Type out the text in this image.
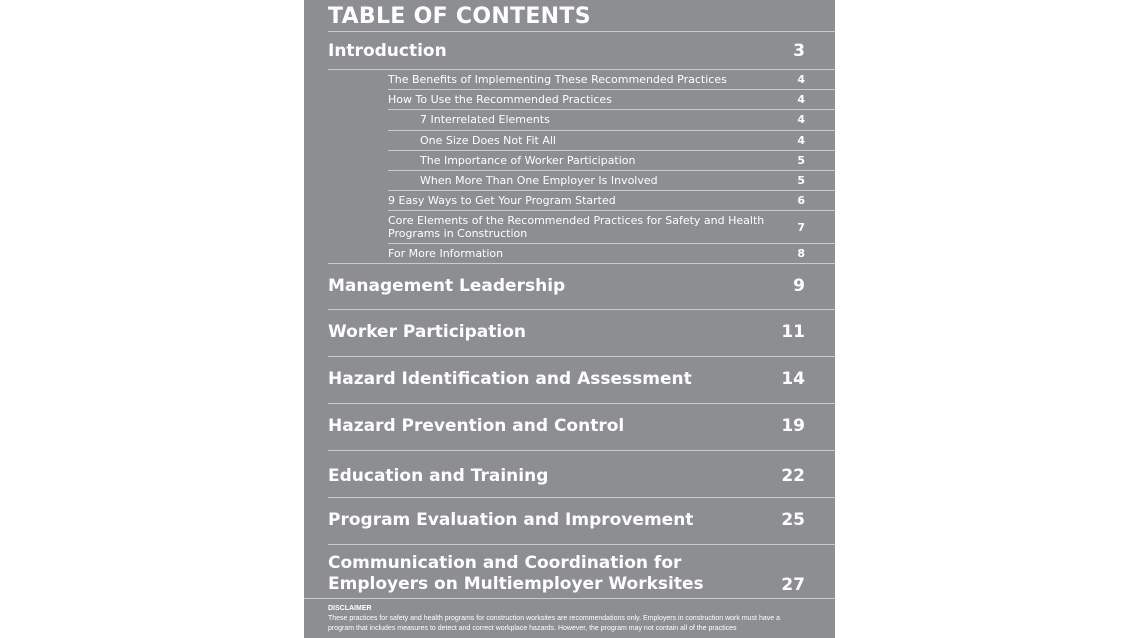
TABLE OF CONTENTS
Introduction	3
The Benefits of Implementing These Recommended Practices	4
How To Use the Recommended Practices	4
7 Interrelated Elements	4
One Size Does Not Fit All	4
The Importance of Worker Participation	5
When More Than One Employer Is Involved	5
9 Easy Ways to Get Your Program Started	6
Core Elements of the Recommended Practices for Safety and Health Programs in Construction	7
For More Information	8
Management Leadership	9
Worker Participation	11
Hazard Identification and Assessment	14
Hazard Prevention and Control	19
Education and Training	22
Program Evaluation and Improvement	25
Communication and Coordination for Employers on Multiemployer Worksites	27
DISCLAIMER
These practices for safety and health programs for construction worksites are recommendations only. Employers in construction work must have a
program that includes measures to detect and correct workplace hazards. However, the program may not contain all of the practices
